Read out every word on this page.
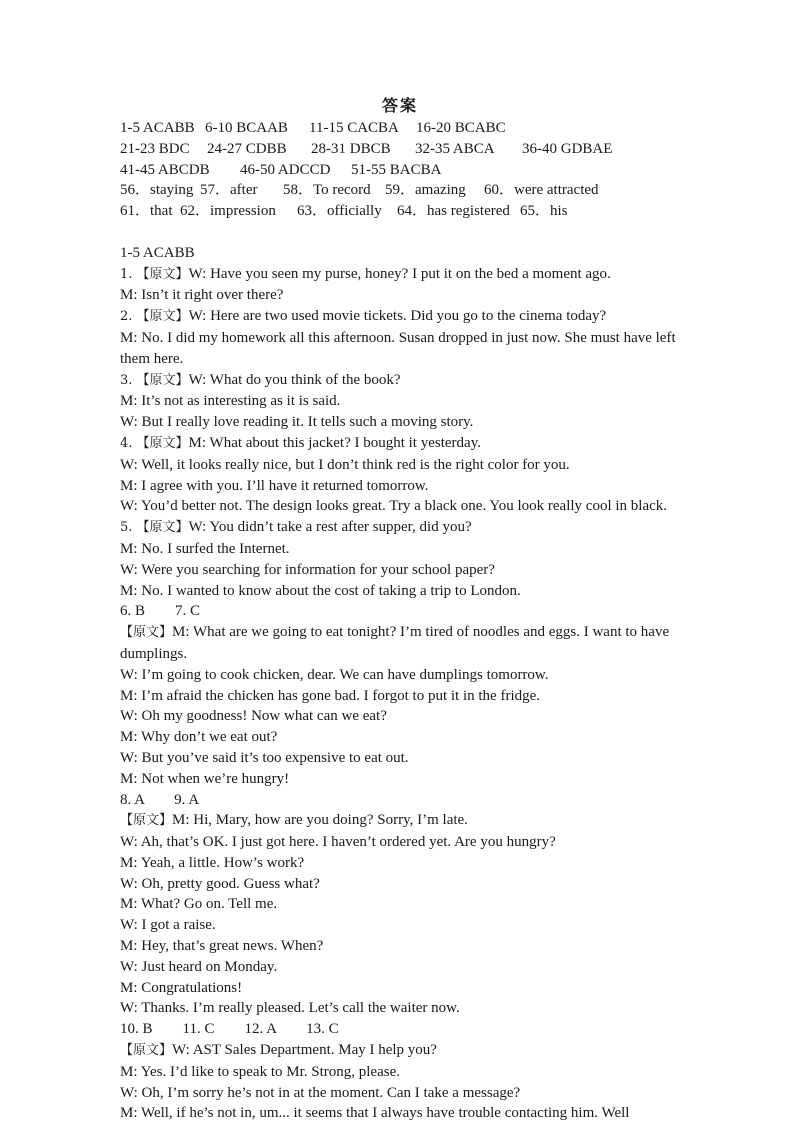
答案
1-5 ACABB 6-10 BCAAB 11-15 CACBA 16-20 BCABC
21-23 BDC 24-27 CDBB 28-31 DBCB 32-35 ABCA 36-40 GDBAE
41-45 ABCDB 46-50 ADCCD 51-55 BACBA
56．staying 57．after 58．To record 59．amazing 60．were attracted
61．that 62．impression 63．officially 64．has registered 65．his
1-5 ACABB
1. 【原文】W: Have you seen my purse, honey? I put it on the bed a moment ago.
M: Isn’t it right over there?
2. 【原文】W: Here are two used movie tickets. Did you go to the cinema today?
M: No. I did my homework all this afternoon. Susan dropped in just now. She must have left them here.
3. 【原文】W: What do you think of the book?
M: It’s not as interesting as it is said.
W: But I really love reading it. It tells such a moving story.
4. 【原文】M: What about this jacket? I bought it yesterday.
W: Well, it looks really nice, but I don’t think red is the right color for you.
M: I agree with you. I’ll have it returned tomorrow.
W: You’d better not. The design looks great. Try a black one. You look really cool in black.
5. 【原文】W: You didn’t take a rest after supper, did you?
M: No. I surfed the Internet.
W: Were you searching for information for your school paper?
M: No. I wanted to know about the cost of taking a trip to London.
6. B        7. C
【原文】M: What are we going to eat tonight? I’m tired of noodles and eggs. I want to have dumplings.
W: I’m going to cook chicken, dear. We can have dumplings tomorrow.
M: I’m afraid the chicken has gone bad. I forgot to put it in the fridge.
W: Oh my goodness! Now what can we eat?
M: Why don’t we eat out?
W: But you’ve said it’s too expensive to eat out.
M: Not when we’re hungry!
8. A        9. A
【原文】M: Hi, Mary, how are you doing? Sorry, I’m late.
W: Ah, that’s OK. I just got here. I haven’t ordered yet. Are you hungry?
M: Yeah, a little. How’s work?
W: Oh, pretty good. Guess what?
M: What? Go on. Tell me.
W: I got a raise.
M: Hey, that’s great news. When?
W: Just heard on Monday.
M: Congratulations!
W: Thanks. I’m really pleased. Let’s call the waiter now.
10. B        11. C        12. A        13. C
【原文】W: AST Sales Department. May I help you?
M: Yes. I’d like to speak to Mr. Strong, please.
W: Oh, I’m sorry he’s not in at the moment. Can I take a message?
M: Well, if he’s not in, um... it seems that I always have trouble contacting him. Well
